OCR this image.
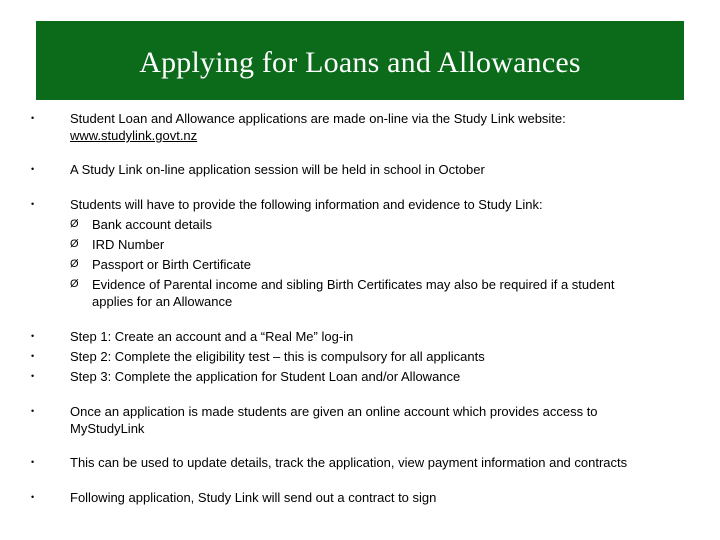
Applying for Loans and Allowances
•	Student Loan and Allowance applications are made on-line via the Study Link website:
www.studylink.govt.nz
•	A Study Link on-line application session will be held in school in October
•	Students will have to provide the following information and evidence to Study Link:
Ø Bank account details
Ø IRD Number
Ø Passport or Birth Certificate
Ø Evidence of Parental income and sibling Birth Certificates may also be required if a student
applies for an Allowance
•	Step 1: Create an account and a “Real Me” log-in
•	Step 2: Complete the eligibility test – this is compulsory for all applicants
•	Step 3: Complete the application for Student Loan and/or Allowance
•	Once an application is made students are given an online account which provides access to
MyStudyLink
•	This can be used to update details, track the application, view payment information and contracts
•	Following application, Study Link will send out a contract to sign
